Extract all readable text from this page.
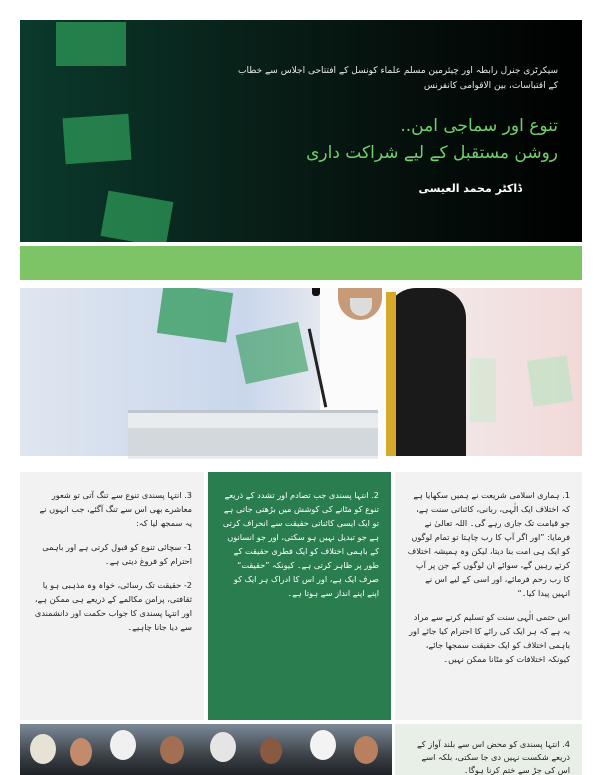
سیکرٹری جنرل رابطہ اور چیئرمین مسلم علماء کونسل کے افتتاحی اجلاس سے خطاب کے اقتباسات، بین الاقوامی کانفرنس
تنوع اور سماجی امن..
روشن مستقبل کے لیے شراکت داری
ڈاکٹر محمد العیسی

1. ہماری اسلامی شریعت نے ہمیں سکھایا ہے کہ اختلاف ایک الٰہی، ربانی، کائناتی سنت ہے، جو قیامت تک جاری رہے گی۔ اللہ تعالیٰ نے فرمایا: ”اور اگر آپ کا رب چاہتا تو تمام لوگوں کو ایک ہی امت بنا دیتا، لیکن وہ ہمیشہ اختلاف کرتے رہیں گے، سوائے ان لوگوں کے جن پر آپ کا رب رحم فرمائے، اور اسی کے لیے اس نے انہیں پیدا کیا۔“

اس حتمی الٰہی سنت کو تسلیم کرنے سے مراد یہ ہے کہ ہر ایک کی رائے کا احترام کیا جائے اور باہمی اختلاف کو ایک حقیقت سمجھا جائے، کیونکہ اختلافات کو مٹانا ممکن نہیں۔

2. انتہا پسندی جب تصادم اور تشدد کے ذریعے تنوع کو مٹانے کی کوشش میں بڑھتی جاتی ہے تو ایک ایسی کائناتی حقیقت سے انحراف کرتی ہے جو تبدیل نہیں ہو سکتی، اور جو انسانوں کے باہمی اختلاف کو ایک فطری حقیقت کے طور پر ظاہر کرتی ہے۔ کیونکہ ”حقیقت“ صرف ایک ہے، اور اس کا ادراک ہر ایک کو اپنے اپنے انداز سے ہوتا ہے۔

3. انتہا پسندی تنوع سے تنگ آتی تو شعور معاشرے بھی اس سے تنگ آگئے، جب انہوں نے یہ سمجھ لیا کہ:

1- سچائی تنوع کو قبول کرتی ہے اور باہمی احترام کو فروغ دیتی ہے۔

2- حقیقت تک رسائی، خواہ وہ مذہبی ہو یا ثقافتی، پرامن مکالمے کے ذریعے ہی ممکن ہے، اور انتہا پسندی کا جواب حکمت اور دانشمندی سے دیا جانا چاہیے۔

4. انتہا پسندی کو محض اس سے بلند آواز کے ذریعے شکست نہیں دی جا سکتی، بلکہ اسے اس کی جڑ سے ختم کرنا ہوگا۔
